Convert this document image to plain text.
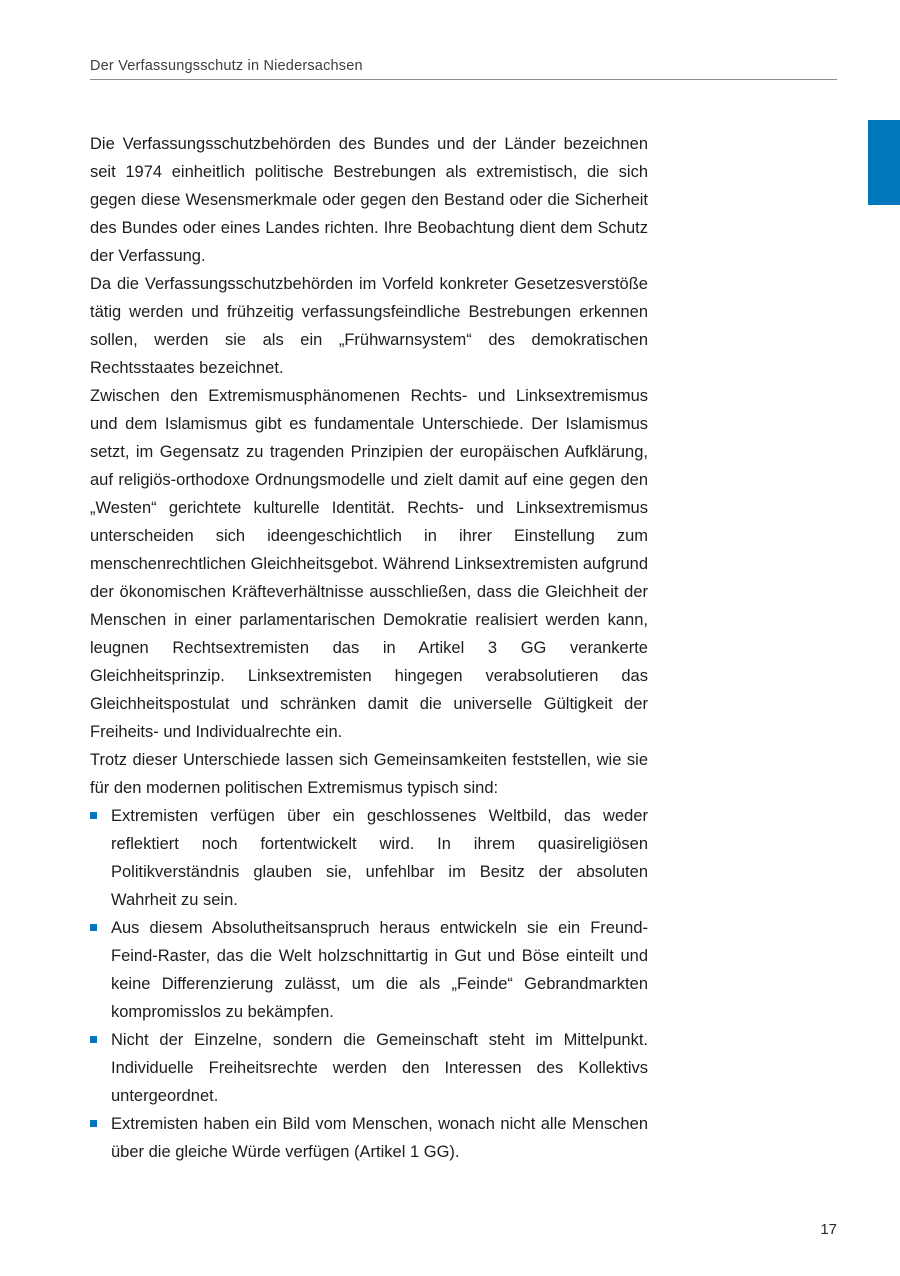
Der Verfassungsschutz in Niedersachsen

Die Verfassungsschutzbehörden des Bundes und der Länder bezeichnen seit 1974 einheitlich politische Bestrebungen als extremistisch, die sich gegen diese Wesensmerkmale oder gegen den Bestand oder die Sicherheit des Bundes oder eines Landes richten. Ihre Beobachtung dient dem Schutz der Verfassung.

Da die Verfassungsschutzbehörden im Vorfeld konkreter Gesetzesverstöße tätig werden und frühzeitig verfassungsfeindliche Bestrebungen erkennen sollen, werden sie als ein „Frühwarnsystem“ des demokratischen Rechtsstaates bezeichnet.

Zwischen den Extremismusphänomenen Rechts- und Linksextremismus und dem Islamismus gibt es fundamentale Unterschiede. Der Islamismus setzt, im Gegensatz zu tragenden Prinzipien der europäischen Aufklärung, auf religiös-orthodoxe Ordnungsmodelle und zielt damit auf eine gegen den „Westen“ gerichtete kulturelle Identität. Rechts- und Linksextremismus unterscheiden sich ideengeschichtlich in ihrer Einstellung zum menschenrechtlichen Gleichheitsgebot. Während Linksextremisten aufgrund der ökonomischen Kräfteverhältnisse ausschließen, dass die Gleichheit der Menschen in einer parlamentarischen Demokratie realisiert werden kann, leugnen Rechtsextremisten das in Artikel 3 GG verankerte Gleichheitsprinzip. Linksextremisten hingegen verabsolutieren das Gleichheitspostulat und schränken damit die universelle Gültigkeit der Freiheits- und Individualrechte ein.

Trotz dieser Unterschiede lassen sich Gemeinsamkeiten feststellen, wie sie für den modernen politischen Extremismus typisch sind:

Extremisten verfügen über ein geschlossenes Weltbild, das weder reflektiert noch fortentwickelt wird. In ihrem quasireligiösen Politikverständnis glauben sie, unfehlbar im Besitz der absoluten Wahrheit zu sein.
Aus diesem Absolutheitsanspruch heraus entwickeln sie ein Freund-Feind-Raster, das die Welt holzschnittartig in Gut und Böse einteilt und keine Differenzierung zulässt, um die als „Feinde“ Gebrandmarkten kompromisslos zu bekämpfen.
Nicht der Einzelne, sondern die Gemeinschaft steht im Mittelpunkt. Individuelle Freiheitsrechte werden den Interessen des Kollektivs untergeordnet.
Extremisten haben ein Bild vom Menschen, wonach nicht alle Menschen über die gleiche Würde verfügen (Artikel 1 GG).
17
